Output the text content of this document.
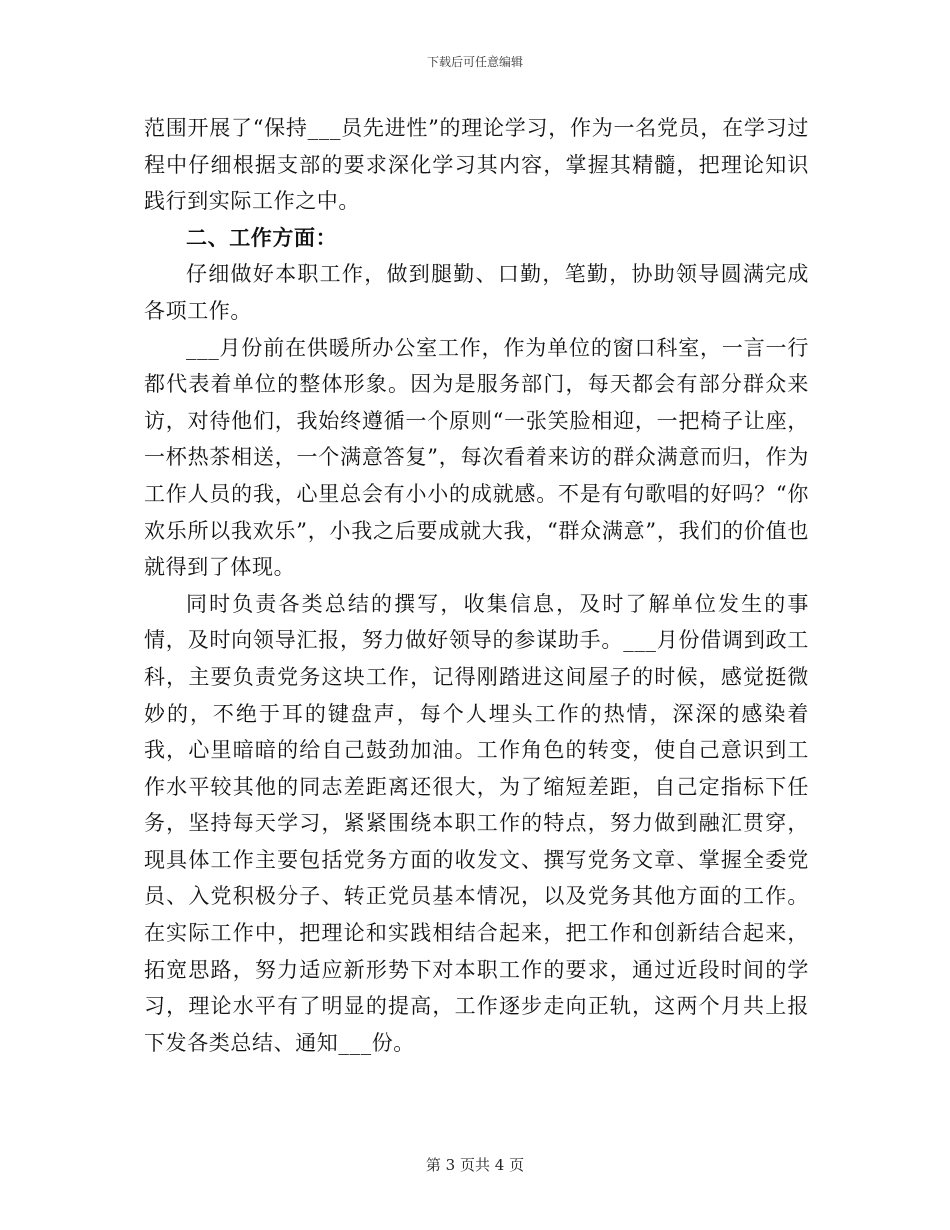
下载后可任意编辑

范围开展了“保持___员先进性”的理论学习，作为一名党员，在学习过程中仔细根据支部的要求深化学习其内容，掌握其精髓，把理论知识践行到实际工作之中。

二、工作方面：

仔细做好本职工作，做到腿勤、口勤，笔勤，协助领导圆满完成各项工作。

___月份前在供暖所办公室工作，作为单位的窗口科室，一言一行都代表着单位的整体形象。因为是服务部门，每天都会有部分群众来访，对待他们，我始终遵循一个原则“一张笑脸相迎，一把椅子让座，一杯热茶相送，一个满意答复”，每次看着来访的群众满意而归，作为工作人员的我，心里总会有小小的成就感。不是有句歌唱的好吗？“你欢乐所以我欢乐”，小我之后要成就大我，“群众满意”，我们的价值也就得到了体现。

同时负责各类总结的撰写，收集信息，及时了解单位发生的事情，及时向领导汇报，努力做好领导的参谋助手。___月份借调到政工科，主要负责党务这块工作，记得刚踏进这间屋子的时候，感觉挺微妙的，不绝于耳的键盘声，每个人埋头工作的热情，深深的感染着我，心里暗暗的给自己鼓劲加油。工作角色的转变，使自己意识到工作水平较其他的同志差距离还很大，为了缩短差距，自己定指标下任务，坚持每天学习，紧紧围绕本职工作的特点，努力做到融汇贯穿，现具体工作主要包括党务方面的收发文、撰写党务文章、掌握全委党员、入党积极分子、转正党员基本情况，以及党务其他方面的工作。在实际工作中，把理论和实践相结合起来，把工作和创新结合起来，拓宽思路，努力适应新形势下对本职工作的要求，通过近段时间的学习，理论水平有了明显的提高，工作逐步走向正轨，这两个月共上报下发各类总结、通知___份。

第 3 页共 4 页
